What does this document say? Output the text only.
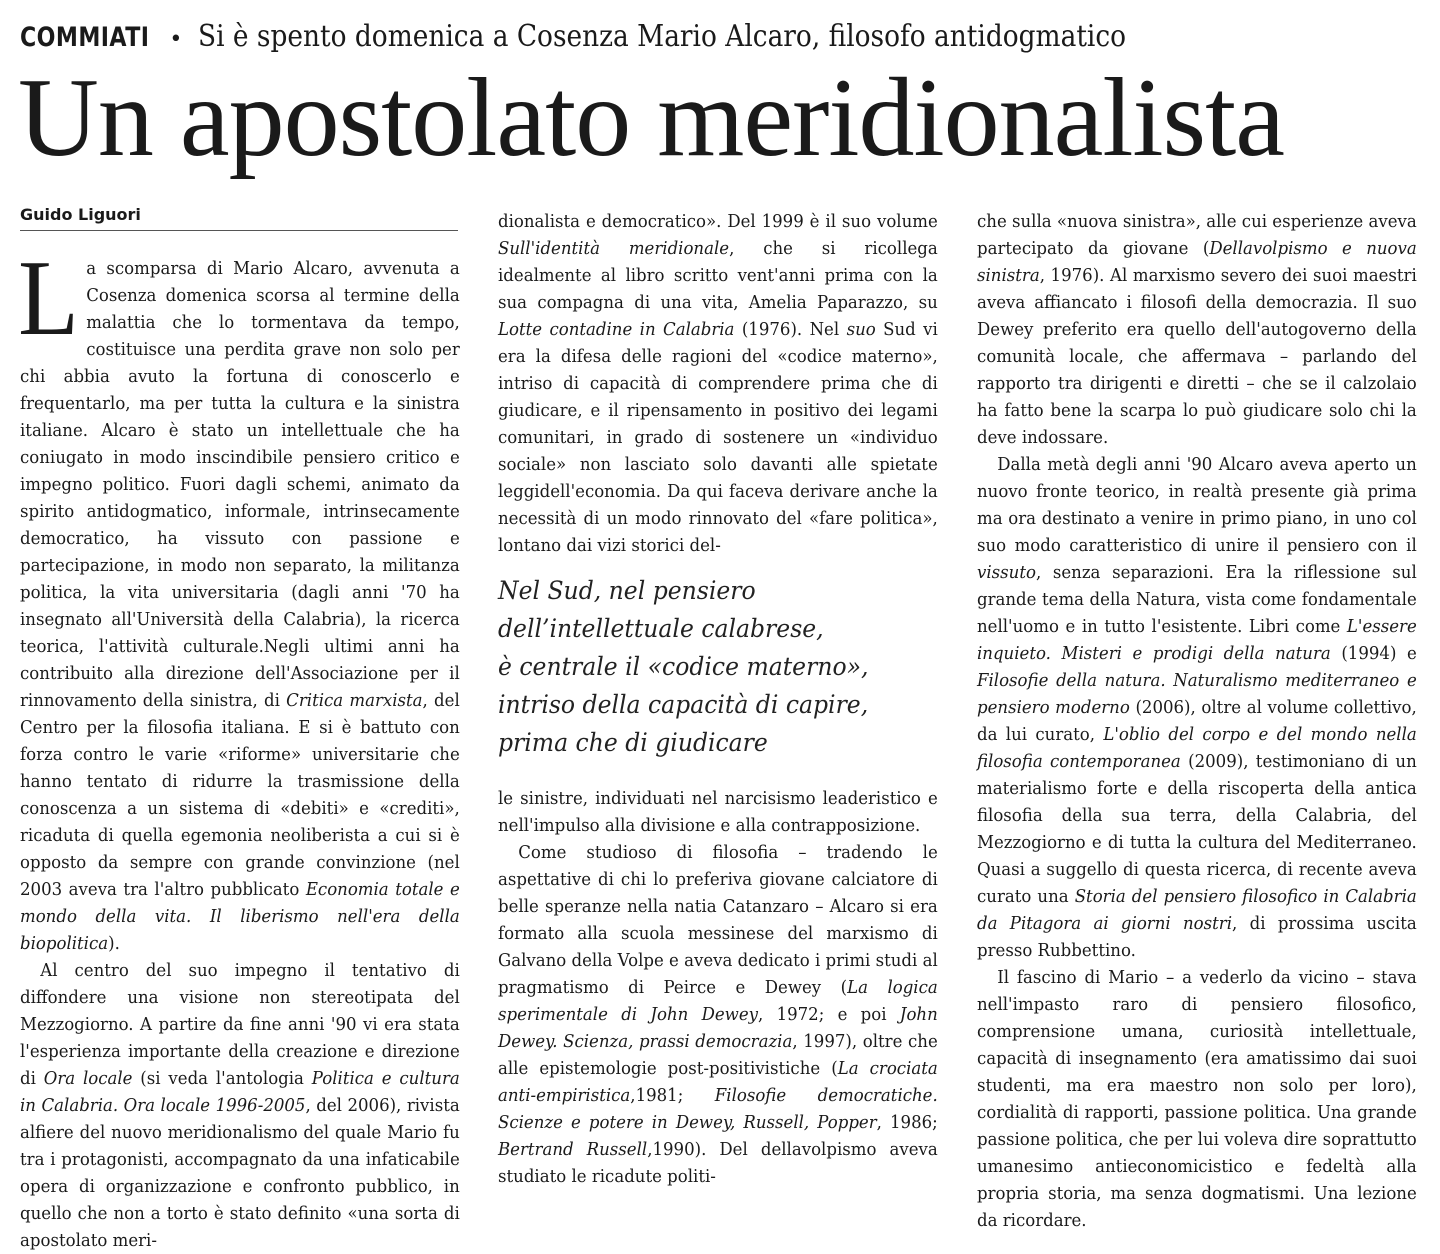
COMMIATI • Si è spento domenica a Cosenza Mario Alcaro, filosofo antidogmatico
Un apostolato meridionalista
Guido Liguori

La scomparsa di Mario Alcaro, avvenuta a Cosenza domenica scorsa al termine della malattia che lo tormentava da tempo, costituisce una perdita grave non solo per chi abbia avuto la fortuna di conoscerlo e frequentarlo, ma per tutta la cultura e la sinistra italiane. Alcaro è stato un intellettuale che ha coniugato in modo inscindibile pensiero critico e impegno politico. Fuori dagli schemi, animato da spirito antidogmatico, informale, intrinsecamente democratico, ha vissuto con passione e partecipazione, in modo non separato, la militanza politica, la vita universitaria (dagli anni '70 ha insegnato all'Università della Calabria), la ricerca teorica, l'attività culturale.Negli ultimi anni ha contribuito alla direzione dell'Associazione per il rinnovamento della sinistra, di Critica marxista, del Centro per la filosofia italiana. E si è battuto con forza contro le varie «riforme» universitarie che hanno tentato di ridurre la trasmissione della conoscenza a un sistema di «debiti» e «crediti», ricaduta di quella egemonia neoliberista a cui si è opposto da sempre con grande convinzione (nel 2003 aveva tra l'altro pubblicato Economia totale e mondo della vita. Il liberismo nell'era della biopolitica).

Al centro del suo impegno il tentativo di diffondere una visione non stereotipata del Mezzogiorno. A partire da fine anni '90 vi era stata l'esperienza importante della creazione e direzione di Ora locale (si veda l'antologia Politica e cultura in Calabria. Ora locale 1996-2005, del 2006), rivista alfiere del nuovo meridionalismo del quale Mario fu tra i protagonisti, accompagnato da una infaticabile opera di organizzazione e confronto pubblico, in quello che non a torto è stato definito «una sorta di apostolato meri-

dionalista e democratico». Del 1999 è il suo volume Sull'identità meridionale, che si ricollega idealmente al libro scritto vent'anni prima con la sua compagna di una vita, Amelia Paparazzo, su Lotte contadine in Calabria (1976). Nel suo Sud vi era la difesa delle ragioni del «codice materno», intriso di capacità di comprendere prima che di giudicare, e il ripensamento in positivo dei legami comunitari, in grado di sostenere un «individuo sociale» non lasciato solo davanti alle spietate leggidell'economia. Da qui faceva derivare anche la necessità di un modo rinnovato del «fare politica», lontano dai vizi storici del-

Nel Sud, nel pensiero
dell’intellettuale calabrese,
è centrale il «codice materno»,
intriso della capacità di capire,
prima che di giudicare

le sinistre, individuati nel narcisismo leaderistico e nell'impulso alla divisione e alla contrapposizione.

Come studioso di filosofia – tradendo le aspettative di chi lo preferiva giovane calciatore di belle speranze nella natia Catanzaro – Alcaro si era formato alla scuola messinese del marxismo di Galvano della Volpe e aveva dedicato i primi studi al pragmatismo di Peirce e Dewey (La logica sperimentale di John Dewey, 1972; e poi John Dewey. Scienza, prassi democrazia, 1997), oltre che alle epistemologie post-positivistiche (La crociata anti-empiristica,1981; Filosofie democratiche. Scienze e potere in Dewey, Russell, Popper, 1986; Bertrand Russell,1990). Del dellavolpismo aveva studiato le ricadute politi-

che sulla «nuova sinistra», alle cui esperienze aveva partecipato da giovane (Dellavolpismo e nuova sinistra, 1976). Al marxismo severo dei suoi maestri aveva affiancato i filosofi della democrazia. Il suo Dewey preferito era quello dell'autogoverno della comunità locale, che affermava – parlando del rapporto tra dirigenti e diretti – che se il calzolaio ha fatto bene la scarpa lo può giudicare solo chi la deve indossare.

Dalla metà degli anni '90 Alcaro aveva aperto un nuovo fronte teorico, in realtà presente già prima ma ora destinato a venire in primo piano, in uno col suo modo caratteristico di unire il pensiero con il vissuto, senza separazioni. Era la riflessione sul grande tema della Natura, vista come fondamentale nell'uomo e in tutto l'esistente. Libri come L'essere inquieto. Misteri e prodigi della natura (1994) e Filosofie della natura. Naturalismo mediterraneo e pensiero moderno (2006), oltre al volume collettivo, da lui curato, L'oblio del corpo e del mondo nella filosofia contemporanea (2009), testimoniano di un materialismo forte e della riscoperta della antica filosofia della sua terra, della Calabria, del Mezzogiorno e di tutta la cultura del Mediterraneo. Quasi a suggello di questa ricerca, di recente aveva curato una Storia del pensiero filosofico in Calabria da Pitagora ai giorni nostri, di prossima uscita presso Rubbettino.

Il fascino di Mario – a vederlo da vicino – stava nell'impasto raro di pensiero filosofico, comprensione umana, curiosità intellettuale, capacità di insegnamento (era amatissimo dai suoi studenti, ma era maestro non solo per loro), cordialità di rapporti, passione politica. Una grande passione politica, che per lui voleva dire soprattutto umanesimo antieconomicistico e fedeltà alla propria storia, ma senza dogmatismi. Una lezione da ricordare.
